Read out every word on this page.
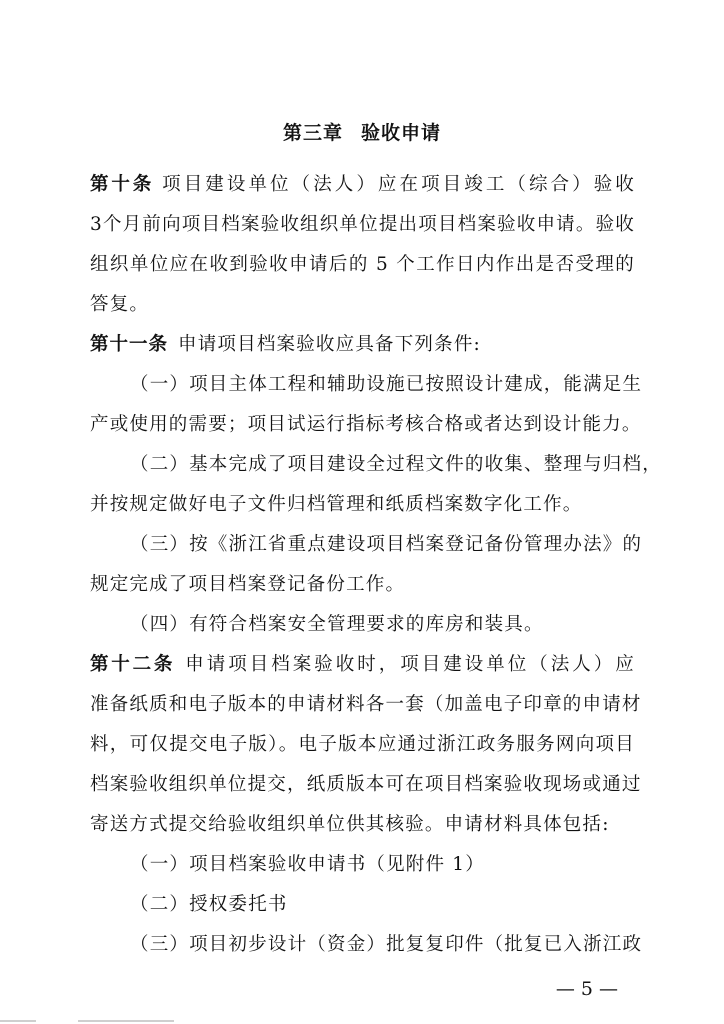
第三章 验收申请
第十条 项目建设单位（法人）应在项目竣工（综合）验收
3个月前向项目档案验收组织单位提出项目档案验收申请。验收
组织单位应在收到验收申请后的 5 个工作日内作出是否受理的
答复。
第十一条 申请项目档案验收应具备下列条件:
（一）项目主体工程和辅助设施已按照设计建成，能满足生
产或使用的需要；项目试运行指标考核合格或者达到设计能力。
（二）基本完成了项目建设全过程文件的收集、整理与归档，
并按规定做好电子文件归档管理和纸质档案数字化工作。
（三）按《浙江省重点建设项目档案登记备份管理办法》的
规定完成了项目档案登记备份工作。
（四）有符合档案安全管理要求的库房和装具。
第十二条 申请项目档案验收时，项目建设单位（法人）应
准备纸质和电子版本的申请材料各一套（加盖电子印章的申请材
料，可仅提交电子版）。电子版本应通过浙江政务服务网向项目
档案验收组织单位提交，纸质版本可在项目档案验收现场或通过
寄送方式提交给验收组织单位供其核验。申请材料具体包括:
（一）项目档案验收申请书（见附件 1）
（二）授权委托书
（三）项目初步设计（资金）批复复印件（批复已入浙江政
— 5 —
